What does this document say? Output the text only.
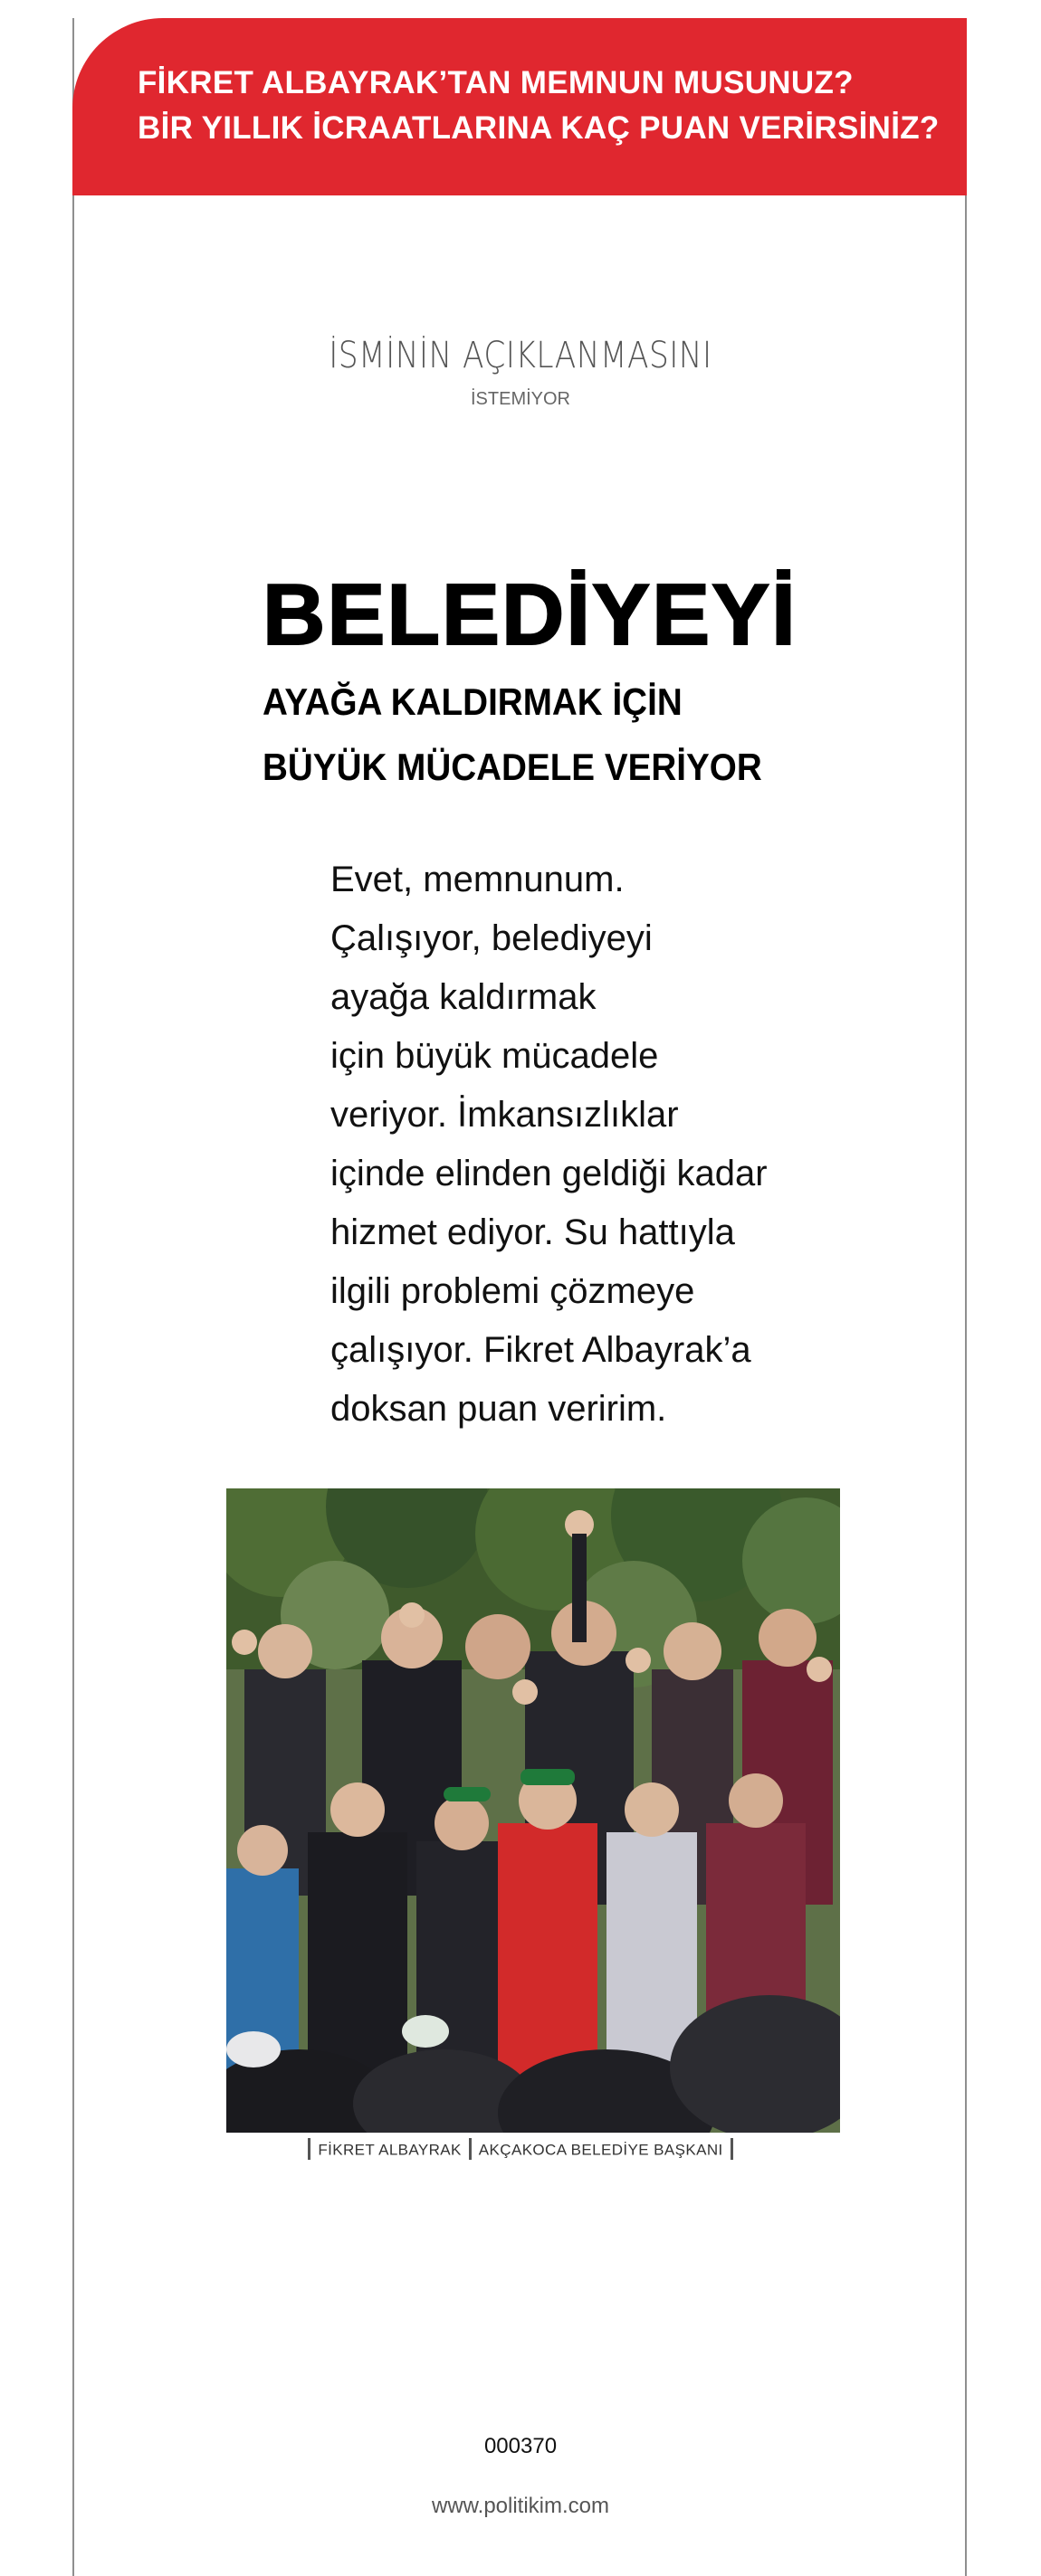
FİKRET ALBAYRAK’TAN MEMNUN MUSUNUZ?
BİR YILLIK İCRAATLARINA KAÇ PUAN VERİRSİNİZ?
İSMİNİN AÇIKLANMASINI
İSTEMİYOR
BELEDİYEYİ
AYAĞA KALDIRMAK İÇİN
BÜYÜK MÜCADELE VERİYOR
Evet, memnunum.
Çalışıyor, belediyeyi
ayağa kaldırmak
için büyük mücadele
veriyor. İmkansızlıklar
içinde elinden geldiği kadar
hizmet ediyor. Su hattıyla
ilgili problemi çözmeye
çalışıyor. Fikret Albayrak’a
doksan puan veririm.
FİKRET ALBAYRAK AKÇAKOCA BELEDİYE BAŞKANI
000370
www.politikim.com
